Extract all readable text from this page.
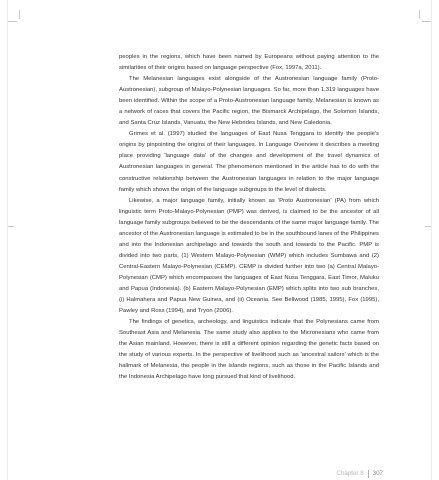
peoples in the regions, which have been named by Europeans without paying attention to the similarities of their origins based on language perspective (Fox, 1997a, 2011).

The Melanesian languages exist alongside of the Austronesian language family (Proto-Austronesian), subgroup of Malayo-Polynesian languages. So far, more than 1,319 languages have been identified. Within the scope of a Proto-Austronesian language family, Melanesian is known as a network of races that covers the Pacific region, the Bismarck Archipelago, the Solomon Islands, and Santa Cruz Islands, Vanuatu, the New Hebrides Islands, and New Caledonia.

Grimes et al. (1997) studied the languages of East Nusa Tenggara to identify the people's origins by pinpointing the origins of their languages. In Language Overview it describes a meeting place providing 'language data' of the changes and development of the travel dynamics of Austronesian languages in general. The phenomenon mentioned in the article has to do with the constructive relationship between the Austronesian languages in relation to the major language family which shows the origin of the language subgroups to the level of dialects.

Likewise, a major language family, initially known as 'Proto Austronesian' (PA) from which linguistic term Proto-Malayo-Polynesian (PMP) was derived, is claimed to be the ancestor of all language family subgroups believed to be the descendants of the same major language family. The ancestor of the Austronesian language is estimated to be in the southbound lanes of the Philippines and into the Indonesian archipelago and towards the south and towards to the Pacific. PMP is divided into two parts, (1) Western Malayo-Polynesian (WMP) which includes Sumbawa and (2) Central-Eastern Malayo-Polynesian (CEMP). CEMP is divided further into two (a) Central Malayo-Polynesian (CMP) which encompasses the languages of East Nusa Tenggara, East Timor, Maluku and Papua (Indonesia). (b) Eastern Malayo-Polynesian (EMP) which splits into two sub branches, (i) Halmahera and Papua New Guinea, and (ii) Oceania. See Bellwood (1985, 1995), Fox (1995), Pawley and Ross (1994), and Tryon (2006).

The findings of genetics, archeology, and linguistics indicate that the Polynesians came from Southeast Asia and Melanesia. The same study also applies to the Micronesians who came from the Asian mainland. However, there is still a different opinion regarding the genetic facts based on the study of various experts. In the perspective of livelihood such as 'ancestral sailors' which is the hallmark of Melanesia, the people in the islands regions, such as those in the Pacific Islands and the Indonesia Archipelago have long pursued that kind of livelihood.

Chapter 8 307
